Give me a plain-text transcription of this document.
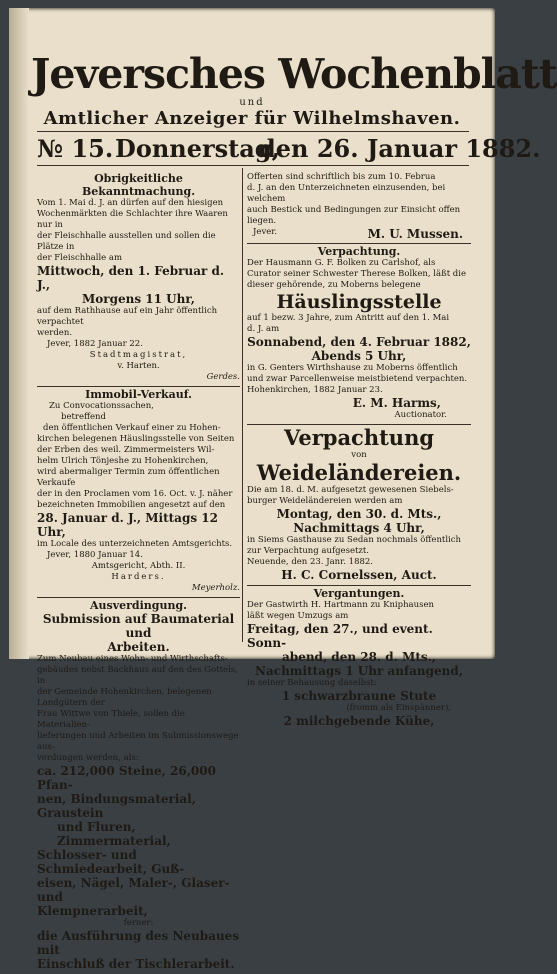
Jeversches Wochenblatt
und
Amtlicher Anzeiger für Wilhelmshaven.
№ 15. Donnerstag,
den 26. Januar 1882.
Obrigkeitliche Bekanntmachung.

Vom 1. Mai d. J. an dürfen auf den hiesigen

Wochenmärkten die Schlachter ihre Waaren nur in

der Fleischhalle ausstellen und sollen die Plätze in

der Fleischhalle am

Mittwoch, den 1. Februar d. J.,

Morgens 11 Uhr,

auf dem Rathhause auf ein Jahr öffentlich verpachtet

werden.

Jever, 1882 Januar 22.

Stadtmagistrat,

v. Harten.

Gerdes.

Immobil-Verkauf.

Zu Convocationssachen,

betreffend

den öffentlichen Verkauf einer zu Hohen-

kirchen belegenen Häuslingsstelle von Seiten

der Erben des weil. Zimmermeisters Wil-

helm Ulrich Tönjeshe zu Hohenkirchen,

wird abermaliger Termin zum öffentlichen Verkaufe

der in den Proclamen vom 16. Oct. v. J. näher

bezeichneten Immobilien angesetzt auf den

28. Januar d. J., Mittags 12 Uhr,

im Locale des unterzeichneten Amtsgerichts.

Jever, 1880 Januar 14.

Amtsgericht, Abth. II.

Harders.

Meyerholz.

Ausverdingung.

Submission auf Baumaterial und

Arbeiten.

Zum Neubau eines Wohn- und Wirthschafts-

gebäudes nebst Backhaus auf den des Gottels, in

der Gemeinde Hohenkirchen, belegenen Landgütern der

Frau Wittwe von Thiele, sollen die Materialien-

lieferungen und Arbeiten im Submissionswege aus-

verdungen werden, als:

ca. 212,000 Steine, 26,000 Pfan-

nen, Bindungsmaterial, Graustein

und Fluren, Zimmermaterial,

Schlosser- und Schmiedearbeit, Guß-

eisen, Nägel, Maler-, Glaser- und

Klempnerarbeit,

ferner:

die Ausführung des Neubaues mit

Einschluß der Tischlerarbeit.

Offerten sind schriftlich bis zum 10. Februa

d. J. an den Unterzeichneten einzusenden, bei welchem

auch Bestick und Bedingungen zur Einsicht offen

liegen.

Jever.	M. U. Mussen.

Verpachtung.

Der Hausmann G. F. Bolken zu Carlshof, als

Curator seiner Schwester Therese Bolken, läßt die

dieser gehörende, zu Moberns belegene

Häuslingsstelle

auf 1 bezw. 3 Jahre, zum Antritt auf den 1. Mai

d. J. am

Sonnabend, den 4. Februar 1882,

Abends 5 Uhr,

in G. Genters Wirthshause zu Moberns öffentlich

und zwar Parcellenweise meistbietend verpachten.

Hohenkirchen, 1882 Januar 23.

E. M. Harms,

Auctionator.

Verpachtung

von

Weideländereien.

Die am 18. d. M. aufgesetzt gewesenen Siebels-

burger Weideländereien werden am

Montag, den 30. d. Mts.,

Nachmittags 4 Uhr,

in Siems Gasthause zu Sedan nochmals öffentlich

zur Verpachtung aufgesetzt.

Neuende, den 23. Janr. 1882.

H. C. Cornelssen, Auct.

Vergantungen.

Der Gastwirth H. Hartmann zu Kniphausen

läßt wegen Umzugs am

Freitag, den 27., und event. Sonn-

abend, den 28. d. Mts.,

Nachmittags 1 Uhr anfangend,

in seiner Behausung daselbst:

1 schwarzbraune Stute

(fromm als Einspänner),

2 milchgebende Kühe,
